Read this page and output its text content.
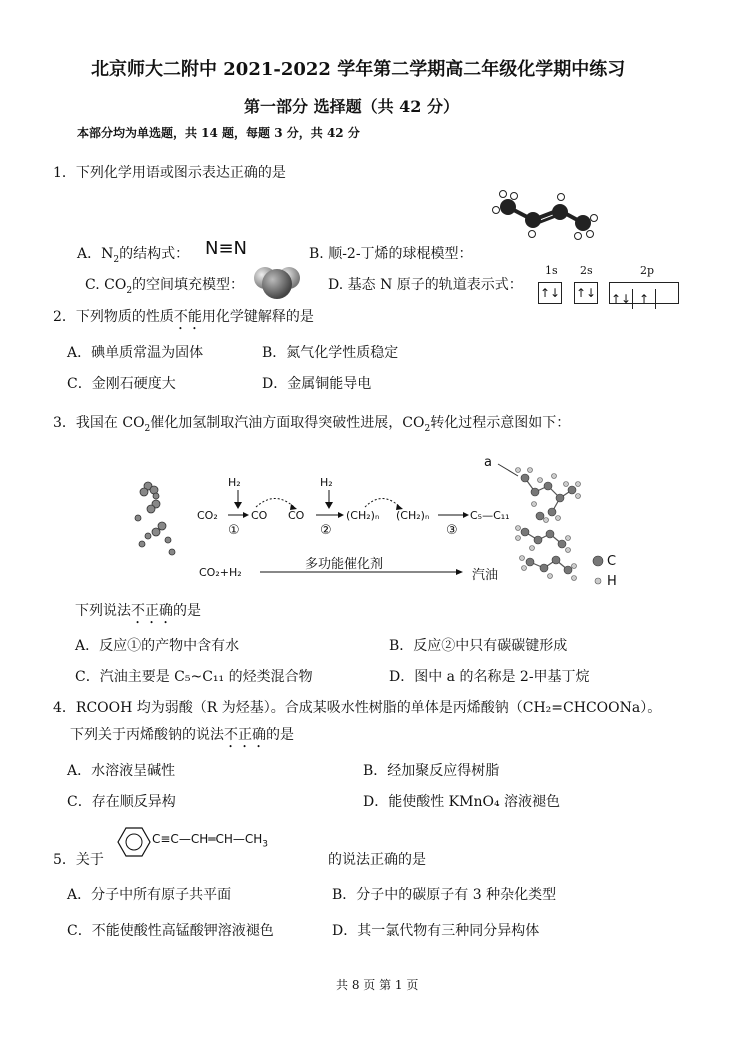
北京师大二附中 2021-2022 学年第二学期高二年级化学期中练习
第一部分 选择题（共 42 分）
本部分均为单选题，共 14 题，每题 3 分，共 42 分
1．下列化学用语或图示表达正确的是
A．$N_2$的结构式： N≡N	B. 顺-2-丁烯的球棍模型：
C. $CO_2$的空间填充模型：	D. 基态 N 原子的轨道表示式：
1s 2s	2p
↑↓ ↑↓ ↑↓ ↑
2．下列物质的性质不能用化学键解释的是
A．碘单质常温为固体	B．氮气化学性质稳定
C．金刚石硬度大	D．金属铜能导电
3．我国在 $CO_2$催化加氢制取汽油方面取得突破性进展，$CO_2$转化过程示意图如下：
H₂	H₂
CO₂	CO CO
①	②
(CH₂)ₙ (CH₂)ₙ
③
C₅—C₁₁
CO₂+H₂
多功能催化剂
汽油
a
C
H
下列说法不正确的是
A．反应①的产物中含有水	B．反应②中只有碳碳键形成
C．汽油主要是 C₅~C₁₁ 的烃类混合物	D．图中 a 的名称是 2-甲基丁烷
4．RCOOH 均为弱酸（R 为烃基）。合成某吸水性树脂的单体是丙烯酸钠（CH₂=CHCOONa）。
下列关于丙烯酸钠的说法不正确的是
A．水溶液呈碱性	B．经加聚反应得树脂
C．存在顺反异构	D．能使酸性 KMnO₄ 溶液褪色
5．关于
$C\equiv C—CH═CH—CH_3$
的说法正确的是
A．分子中所有原子共平面	B．分子中的碳原子有 3 种杂化类型
C．不能使酸性高锰酸钾溶液褪色	D．其一氯代物有三种同分异构体
共 8 页 第 1 页
